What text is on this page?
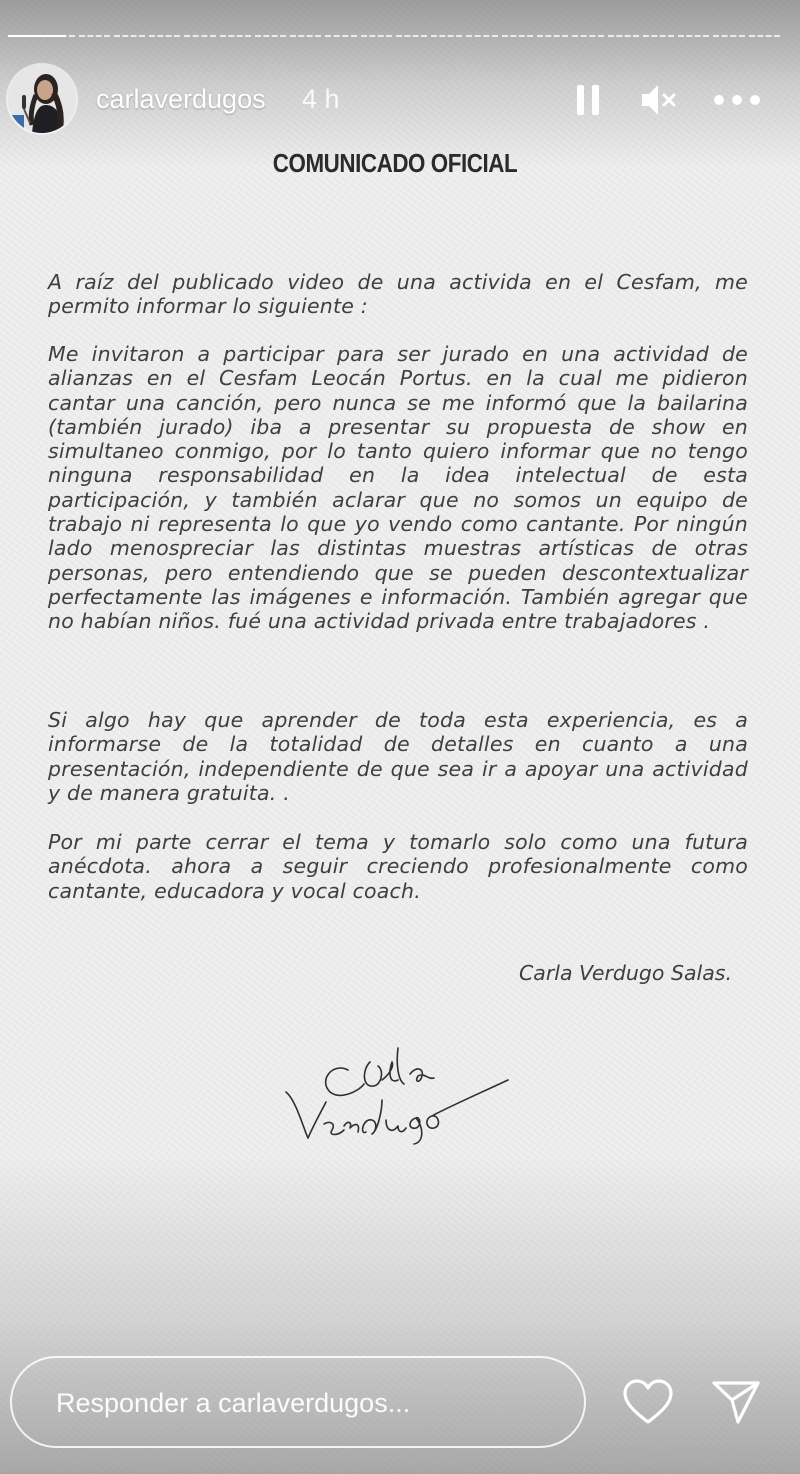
carlaverdugos 4 h
COMUNICADO OFICIAL
A raíz del publicado video de una activida en el Cesfam, me permito informar lo siguiente :
Me invitaron a participar para ser jurado en una actividad de alianzas en el Cesfam Leocán Portus. en la cual me pidieron cantar una canción, pero nunca se me informó que la bailarina (también jurado) iba a presentar su propuesta de show en simultaneo conmigo, por lo tanto quiero informar que no tengo ninguna responsabilidad en la idea intelectual de esta participación, y también aclarar que no somos un equipo de trabajo ni representa lo que yo vendo como cantante. Por ningún lado menospreciar las distintas muestras artísticas de otras personas, pero entendiendo que se pueden descontextualizar perfectamente las imágenes e información. También agregar que no habían niños. fué una actividad privada entre trabajadores .
Si algo hay que aprender de toda esta experiencia, es a informarse de la totalidad de detalles en cuanto a una presentación, independiente de que sea ir a apoyar una actividad y de manera gratuita. .
Por mi parte cerrar el tema y tomarlo solo como una futura anécdota. ahora a seguir creciendo profesionalmente como cantante, educadora y vocal coach.
Carla Verdugo Salas.
Responder a carlaverdugos...
